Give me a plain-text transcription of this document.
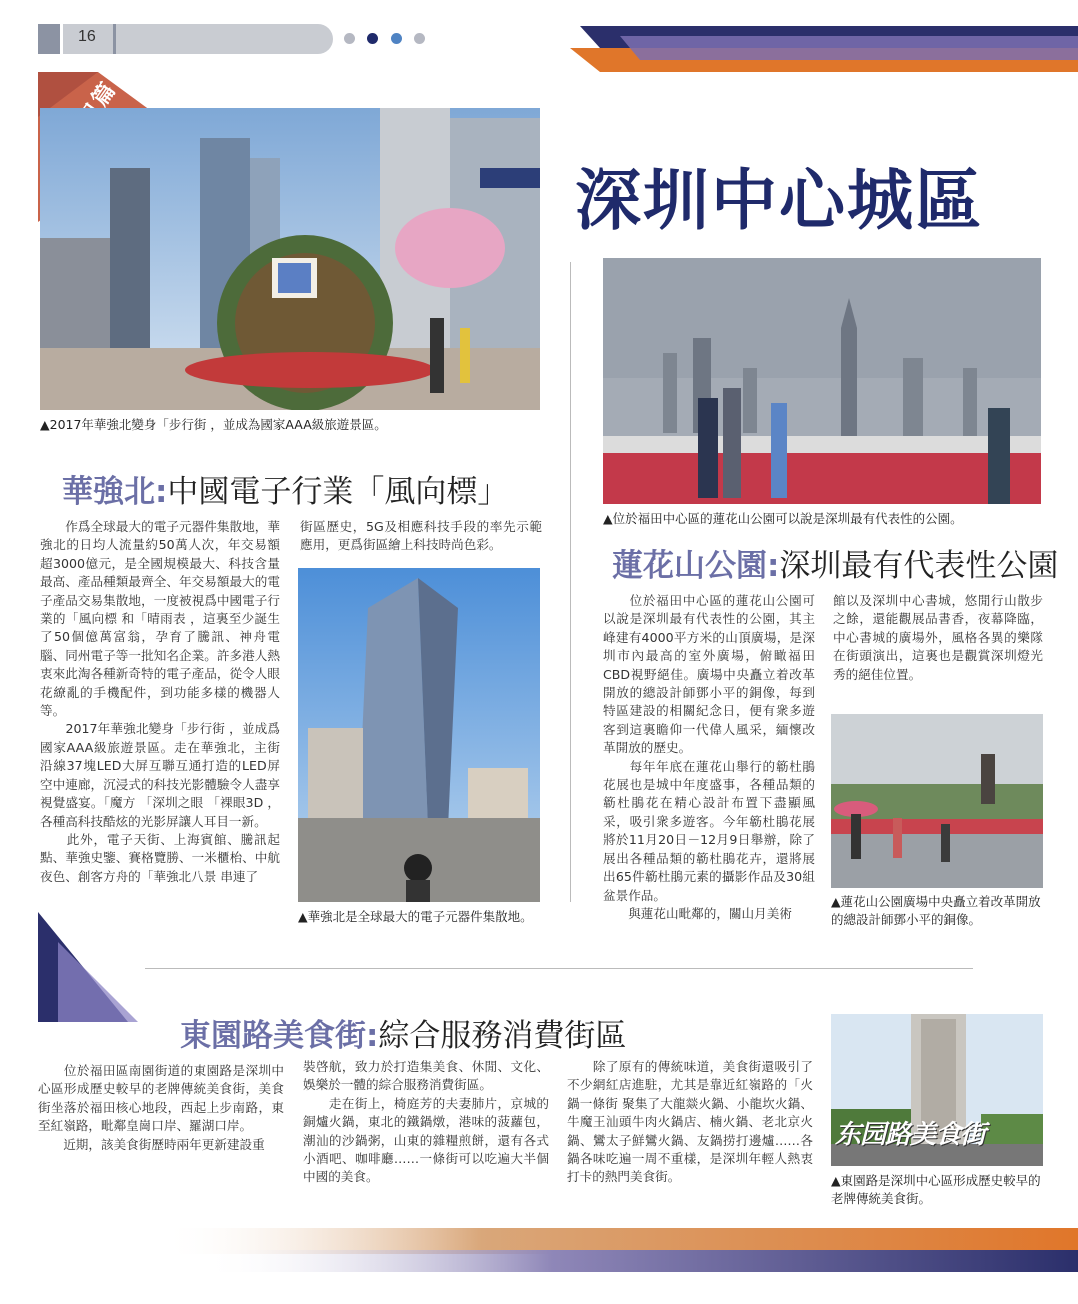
16
深圳中心城區
▲2017年華強北變身「步行街 ，並成為國家AAA級旅遊景區。
華強北:中國電子行業「風向標」

　　作爲全球最大的電子元器件集散地，華強北的日均人流量約50萬人次，年交易額超3000億元，是全國規模最大、科技含量最高、產品種類最齊全、年交易額最大的電子產品交易集散地，一度被視爲中國電子行業的「風向標 和「晴雨表 ，這裏至少誕生了50個億萬富翁，孕育了騰訊、神舟電腦、同州電子等一批知名企業。許多港人熱衷來此淘各種新奇特的電子產品，從令人眼花繚亂的手機配件，到功能多樣的機器人等。

　　2017年華強北變身「步行街 ，並成爲國家AAA級旅遊景區。走在華強北，主街沿線37塊LED大屏互聯互通打造的LED屏空中連廊，沉浸式的科技光影體驗令人盡享視覺盛宴。「魔方 「深圳之眼 「裸眼3D ，各種高科技酷炫的光影屏讓人耳目一新。

　　此外，電子天街、上海賓館、騰訊起點、華強史鑒、賽格覽勝、一米櫃枱、中航夜色、創客方舟的「華強北八景 串連了

街區歷史，5G及相應科技手段的率先示範應用，更爲街區繪上科技時尚色彩。

▲華強北是全球最大的電子元器件集散地。
▲位於福田中心區的蓮花山公園可以說是深圳最有代表性的公園。
蓮花山公園:深圳最有代表性公園

　　位於福田中心區的蓮花山公園可以說是深圳最有代表性的公園，其主峰建有4000平方米的山頂廣場，是深圳市內最高的室外廣場，俯瞰福田CBD視野絕佳。廣場中央矗立着改革開放的總設計師鄧小平的銅像，每到特區建設的相關紀念日，便有衆多遊客到這裏瞻仰一代偉人風采，緬懷改革開放的歷史。

　　每年年底在蓮花山舉行的簕杜鵑花展也是城中年度盛事，各種品類的簕杜鵑花在精心設計布置下盡顯風采，吸引衆多遊客。今年簕杜鵑花展將於11月20日－12月9日舉辦，除了展出各種品類的簕杜鵑花卉，還將展出65件簕杜鵑元素的攝影作品及30組盆景作品。

　　與蓮花山毗鄰的，關山月美術

館以及深圳中心書城，悠閒行山散步之餘，還能觀展品書香，夜幕降臨，中心書城的廣場外，風格各異的樂隊在街頭演出，這裏也是觀賞深圳燈光秀的絕佳位置。

▲蓮花山公園廣場中央矗立着改革開放的總設計師鄧小平的銅像。
東園路美食街:綜合服務消費街區

　　位於福田區南園街道的東園路是深圳中心區形成歷史較早的老牌傳統美食街，美食街坐落於福田核心地段，西起上步南路，東至紅嶺路，毗鄰皇崗口岸、羅湖口岸。

　　近期，該美食街歷時兩年更新建設重

裝啓航，致力於打造集美食、休閒、文化、娛樂於一體的綜合服務消費街區。

　　走在街上，椅庭芳的夫妻肺片，京城的銅爐火鍋，東北的鐵鍋燉，港味的菠蘿包，潮汕的沙鍋粥，山東的雜糧煎餅，還有各式小酒吧、咖啡廳……一條街可以吃遍大半個中國的美食。

　　除了原有的傳統味道，美食街還吸引了不少網紅店進駐，尤其是靠近紅嶺路的「火鍋一條街 聚集了大龍燚火鍋、小龍坎火鍋、牛魔王汕頭牛肉火鍋店、楠火鍋、老北京火鍋、鸞太子鮮鸞火鍋、友鍋捞打邊爐……各鍋各味吃遍一周不重樣，是深圳年輕人熱衷打卡的熱門美食街。

东园路美食街
▲東園路是深圳中心區形成歷史較早的老牌傳統美食街。
